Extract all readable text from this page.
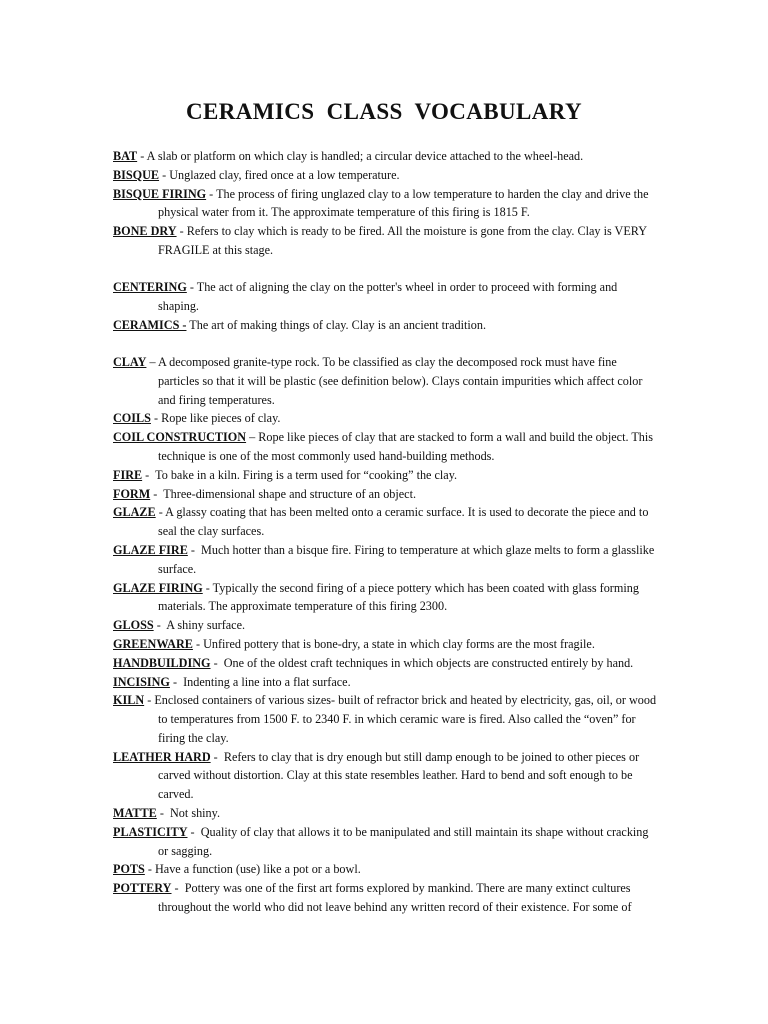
CERAMICS CLASS VOCABULARY
BAT - A slab or platform on which clay is handled; a circular device attached to the wheel-head.
BISQUE - Unglazed clay, fired once at a low temperature.
BISQUE FIRING - The process of firing unglazed clay to a low temperature to harden the clay and drive the physical water from it. The approximate temperature of this firing is 1815 F.
BONE DRY - Refers to clay which is ready to be fired. All the moisture is gone from the clay. Clay is VERY FRAGILE at this stage.
CENTERING - The act of aligning the clay on the potter's wheel in order to proceed with forming and shaping.
CERAMICS - The art of making things of clay. Clay is an ancient tradition.
CLAY – A decomposed granite-type rock. To be classified as clay the decomposed rock must have fine particles so that it will be plastic (see definition below). Clays contain impurities which affect color and firing temperatures.
COILS - Rope like pieces of clay.
COIL CONSTRUCTION – Rope like pieces of clay that are stacked to form a wall and build the object. This technique is one of the most commonly used hand-building methods.
FIRE -  To bake in a kiln. Firing is a term used for “cooking” the clay.
FORM -  Three-dimensional shape and structure of an object.
GLAZE - A glassy coating that has been melted onto a ceramic surface. It is used to decorate the piece and to seal the clay surfaces.
GLAZE FIRE -  Much hotter than a bisque fire. Firing to temperature at which glaze melts to form a glasslike surface.
GLAZE FIRING - Typically the second firing of a piece pottery which has been coated with glass forming materials. The approximate temperature of this firing 2300.
GLOSS -  A shiny surface.
GREENWARE - Unfired pottery that is bone-dry, a state in which clay forms are the most fragile.
HANDBUILDING -  One of the oldest craft techniques in which objects are constructed entirely by hand.
INCISING -  Indenting a line into a flat surface.
KILN - Enclosed containers of various sizes- built of refractor brick and heated by electricity, gas, oil, or wood to temperatures from 1500 F. to 2340 F. in which ceramic ware is fired. Also called the “oven” for firing the clay.
LEATHER HARD -  Refers to clay that is dry enough but still damp enough to be joined to other pieces or carved without distortion. Clay at this state resembles leather. Hard to bend and soft enough to be carved.
MATTE -  Not shiny.
PLASTICITY -  Quality of clay that allows it to be manipulated and still maintain its shape without cracking or sagging.
POTS - Have a function (use) like a pot or a bowl.
POTTERY -  Pottery was one of the first art forms explored by mankind. There are many extinct cultures throughout the world who did not leave behind any written record of their existence. For some of
